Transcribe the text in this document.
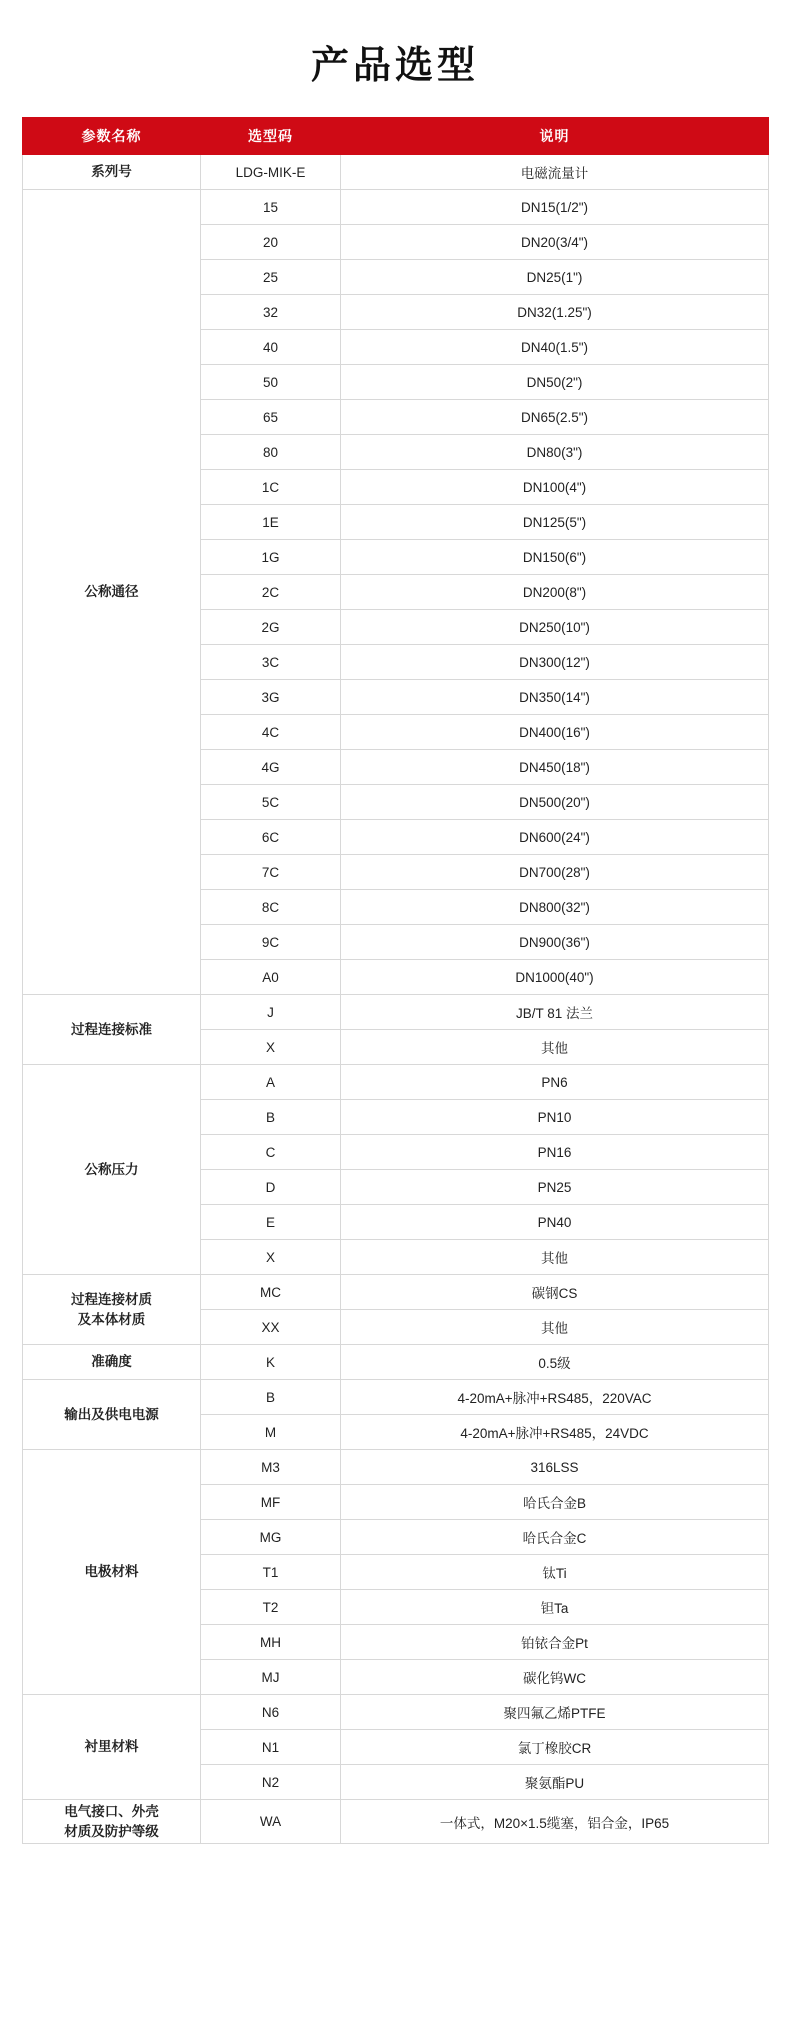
产品选型
参数名称	选型码	说明
系列号	LDG-MIK-E	电磁流量计
公称通径	15	DN15(1/2")
	20	DN20(3/4")
	25	DN25(1")
	32	DN32(1.25")
	40	DN40(1.5")
	50	DN50(2")
	65	DN65(2.5")
	80	DN80(3")
	1C	DN100(4")
	1E	DN125(5")
	1G	DN150(6")
	2C	DN200(8")
	2G	DN250(10")
	3C	DN300(12")
	3G	DN350(14")
	4C	DN400(16")
	4G	DN450(18")
	5C	DN500(20")
	6C	DN600(24")
	7C	DN700(28")
	8C	DN800(32")
	9C	DN900(36")
	A0	DN1000(40")
过程连接标准	J	JB/T 81 法兰
	X	其他
公称压力	A	PN6
	B	PN10
	C	PN16
	D	PN25
	E	PN40
	X	其他
过程连接材质
及本体材质	MC	碳钢CS
	XX	其他
准确度	K	0.5级
输出及供电电源	B	4-20mA+脉冲+RS485，220VAC
	M	4-20mA+脉冲+RS485，24VDC
电极材料	M3	316LSS
	MF	哈氏合金B
	MG	哈氏合金C
	T1	钛Ti
	T2	钽Ta
	MH	铂铱合金Pt
	MJ	碳化钨WC
衬里材料	N6	聚四氟乙烯PTFE
	N1	氯丁橡胶CR
	N2	聚氨酯PU
电气接口、外壳
材质及防护等级	WA	一体式，M20×1.5缆塞，铝合金，IP65
